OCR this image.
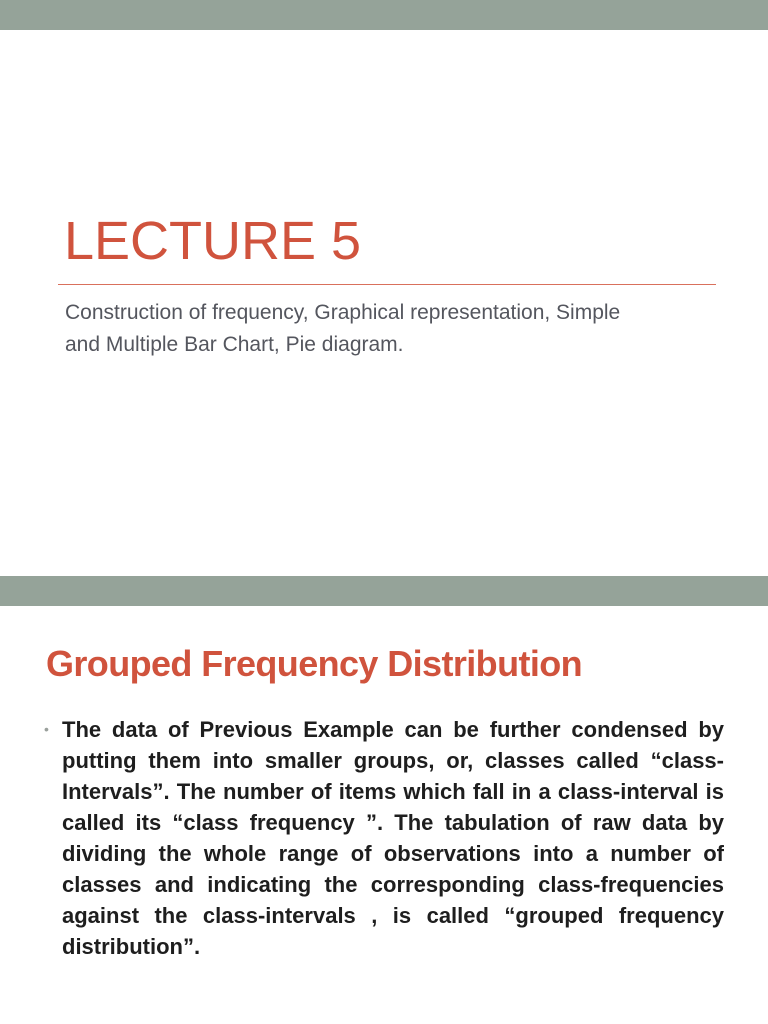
LECTURE 5

Construction of frequency, Graphical representation, Simple and Multiple Bar Chart, Pie diagram.

Grouped Frequency Distribution
• The data of Previous Example can be further condensed by putting them into smaller groups, or, classes called “class-Intervals”. The number of items which fall in a class-interval is called its “class frequency ”. The tabulation of raw data by dividing the whole range of observations into a number of classes and indicating the corresponding class-frequencies against the class-intervals , is called “grouped frequency distribution”.
